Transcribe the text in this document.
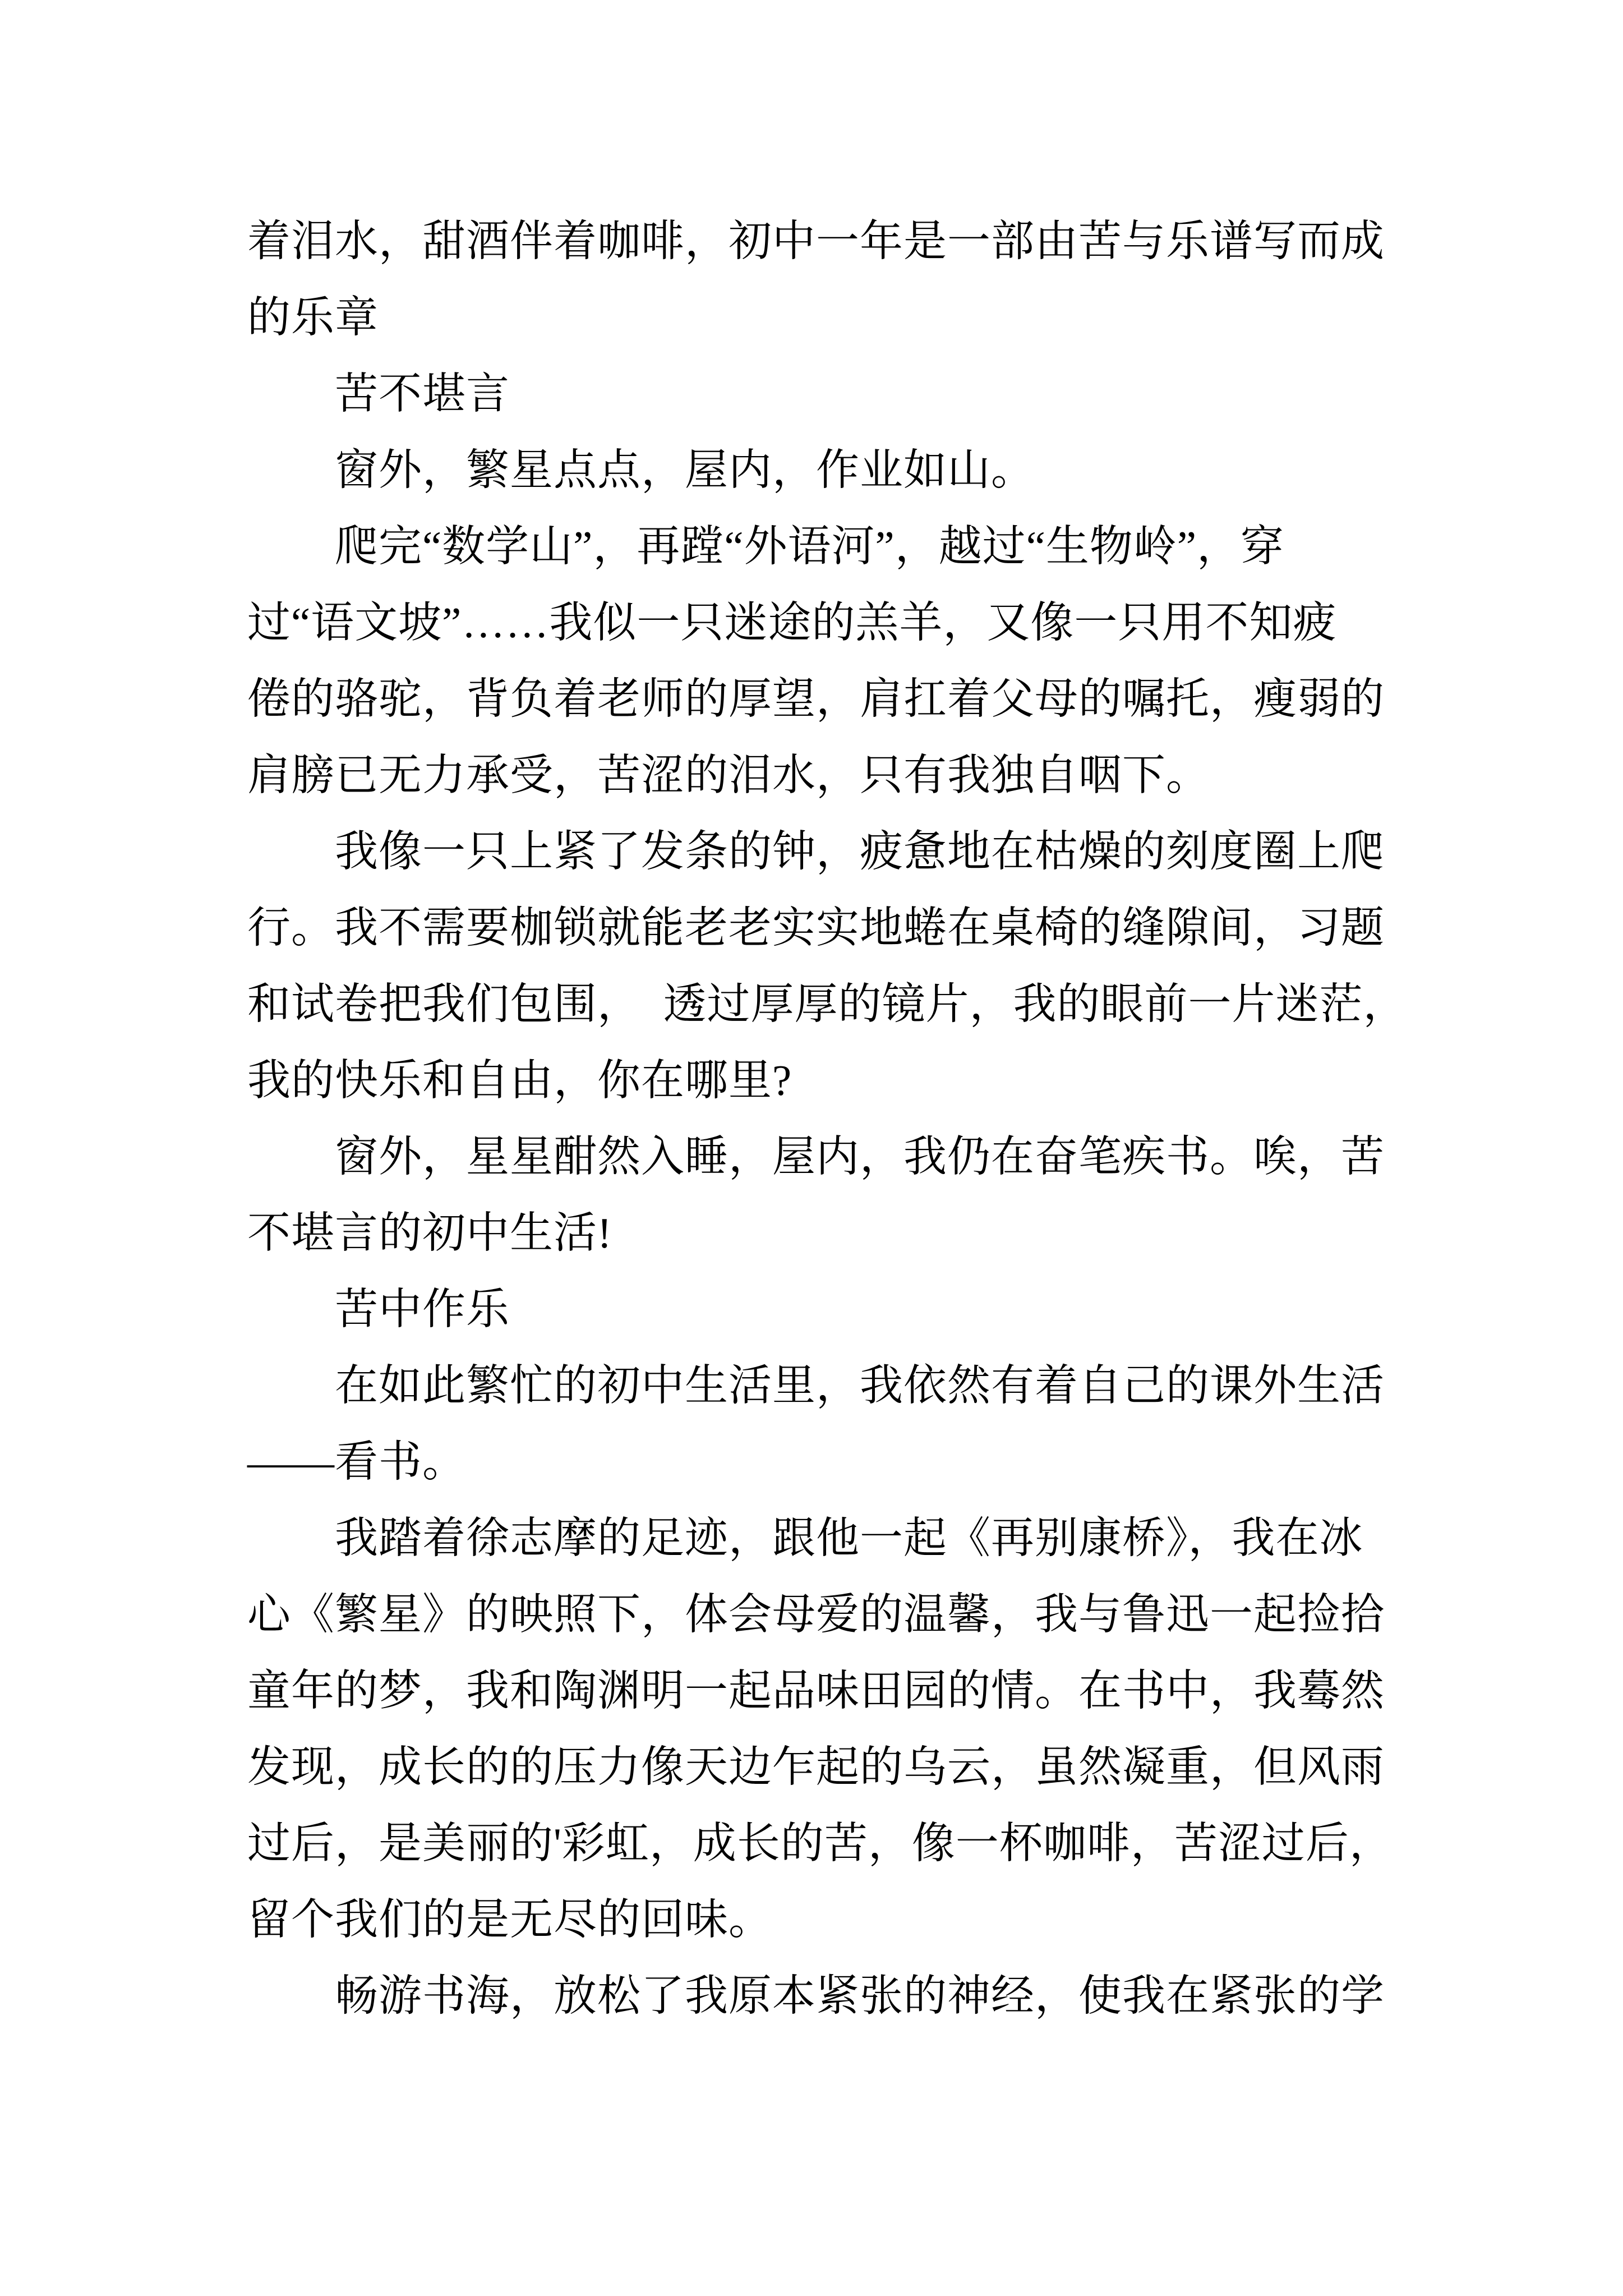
着泪水，甜酒伴着咖啡，初中一年是一部由苦与乐谱写而成
的乐章
苦不堪言
窗外，繁星点点，屋内，作业如山。
爬完“数学山”，再蹚“外语河”，越过“生物岭”，穿
过“语文坡”……我似一只迷途的羔羊，又像一只用不知疲
倦的骆驼，背负着老师的厚望，肩扛着父母的嘱托，瘦弱的
肩膀已无力承受，苦涩的泪水，只有我独自咽下。
我像一只上紧了发条的钟，疲惫地在枯燥的刻度圈上爬
行。我不需要枷锁就能老老实实地蜷在桌椅的缝隙间，习题
和试卷把我们包围，　透过厚厚的镜片，我的眼前一片迷茫，
我的快乐和自由，你在哪里?
窗外，星星酣然入睡，屋内，我仍在奋笔疾书。唉，苦
不堪言的初中生活!
苦中作乐
在如此繁忙的初中生活里，我依然有着自己的课外生活
——看书。
我踏着徐志摩的足迹，跟他一起《再别康桥》，我在冰
心《繁星》的映照下，体会母爱的温馨，我与鲁迅一起捡拾
童年的梦，我和陶渊明一起品味田园的情。在书中，我蓦然
发现，成长的的压力像天边乍起的乌云，虽然凝重，但风雨
过后，是美丽的'彩虹，成长的苦，像一杯咖啡，苦涩过后，
留个我们的是无尽的回味。
畅游书海，放松了我原本紧张的神经，使我在紧张的学
